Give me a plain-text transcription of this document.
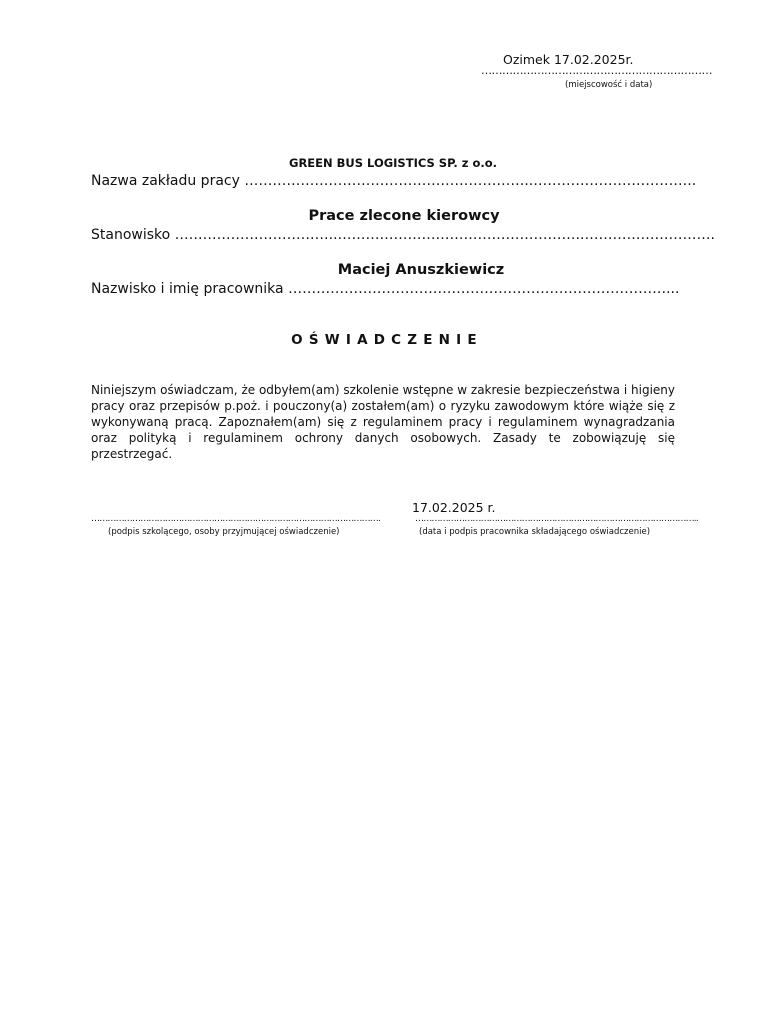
Ozimek 17.02.2025r.
…………………………………………………………
(miejscowość i data)
GREEN BUS LOGISTICS SP. z o.o.
Nazwa zakładu pracy ……………………………………………………..……………………………..
Prace zlecone kierowcy
Stanowisko ……………………………..……………………………………………..……………………….
Maciej Anuszkiewicz
Nazwisko i imię pracownika ………………………………………………………………………...
OŚWIADCZENIE
Niniejszym oświadczam, że odbyłem(am) szkolenie wstępne w zakresie bezpieczeństwa i higieny pracy oraz przepisów p.poż. i pouczony(a) zostałem(am) o ryzyku zawodowym które wiąże się z wykonywaną pracą. Zapoznałem(am) się z regulaminem pracy i regulaminem wynagradzania oraz polityką i regulaminem ochrony danych osobowych. Zasady te zobowiązuję się przestrzegać.
17.02.2025 r.
…………………………………………………………………………………………….	…………………………………………………………………………………………..
(podpis szkolącego, osoby przyjmującej oświadczenie)	(data i podpis pracownika składającego oświadczenie)
